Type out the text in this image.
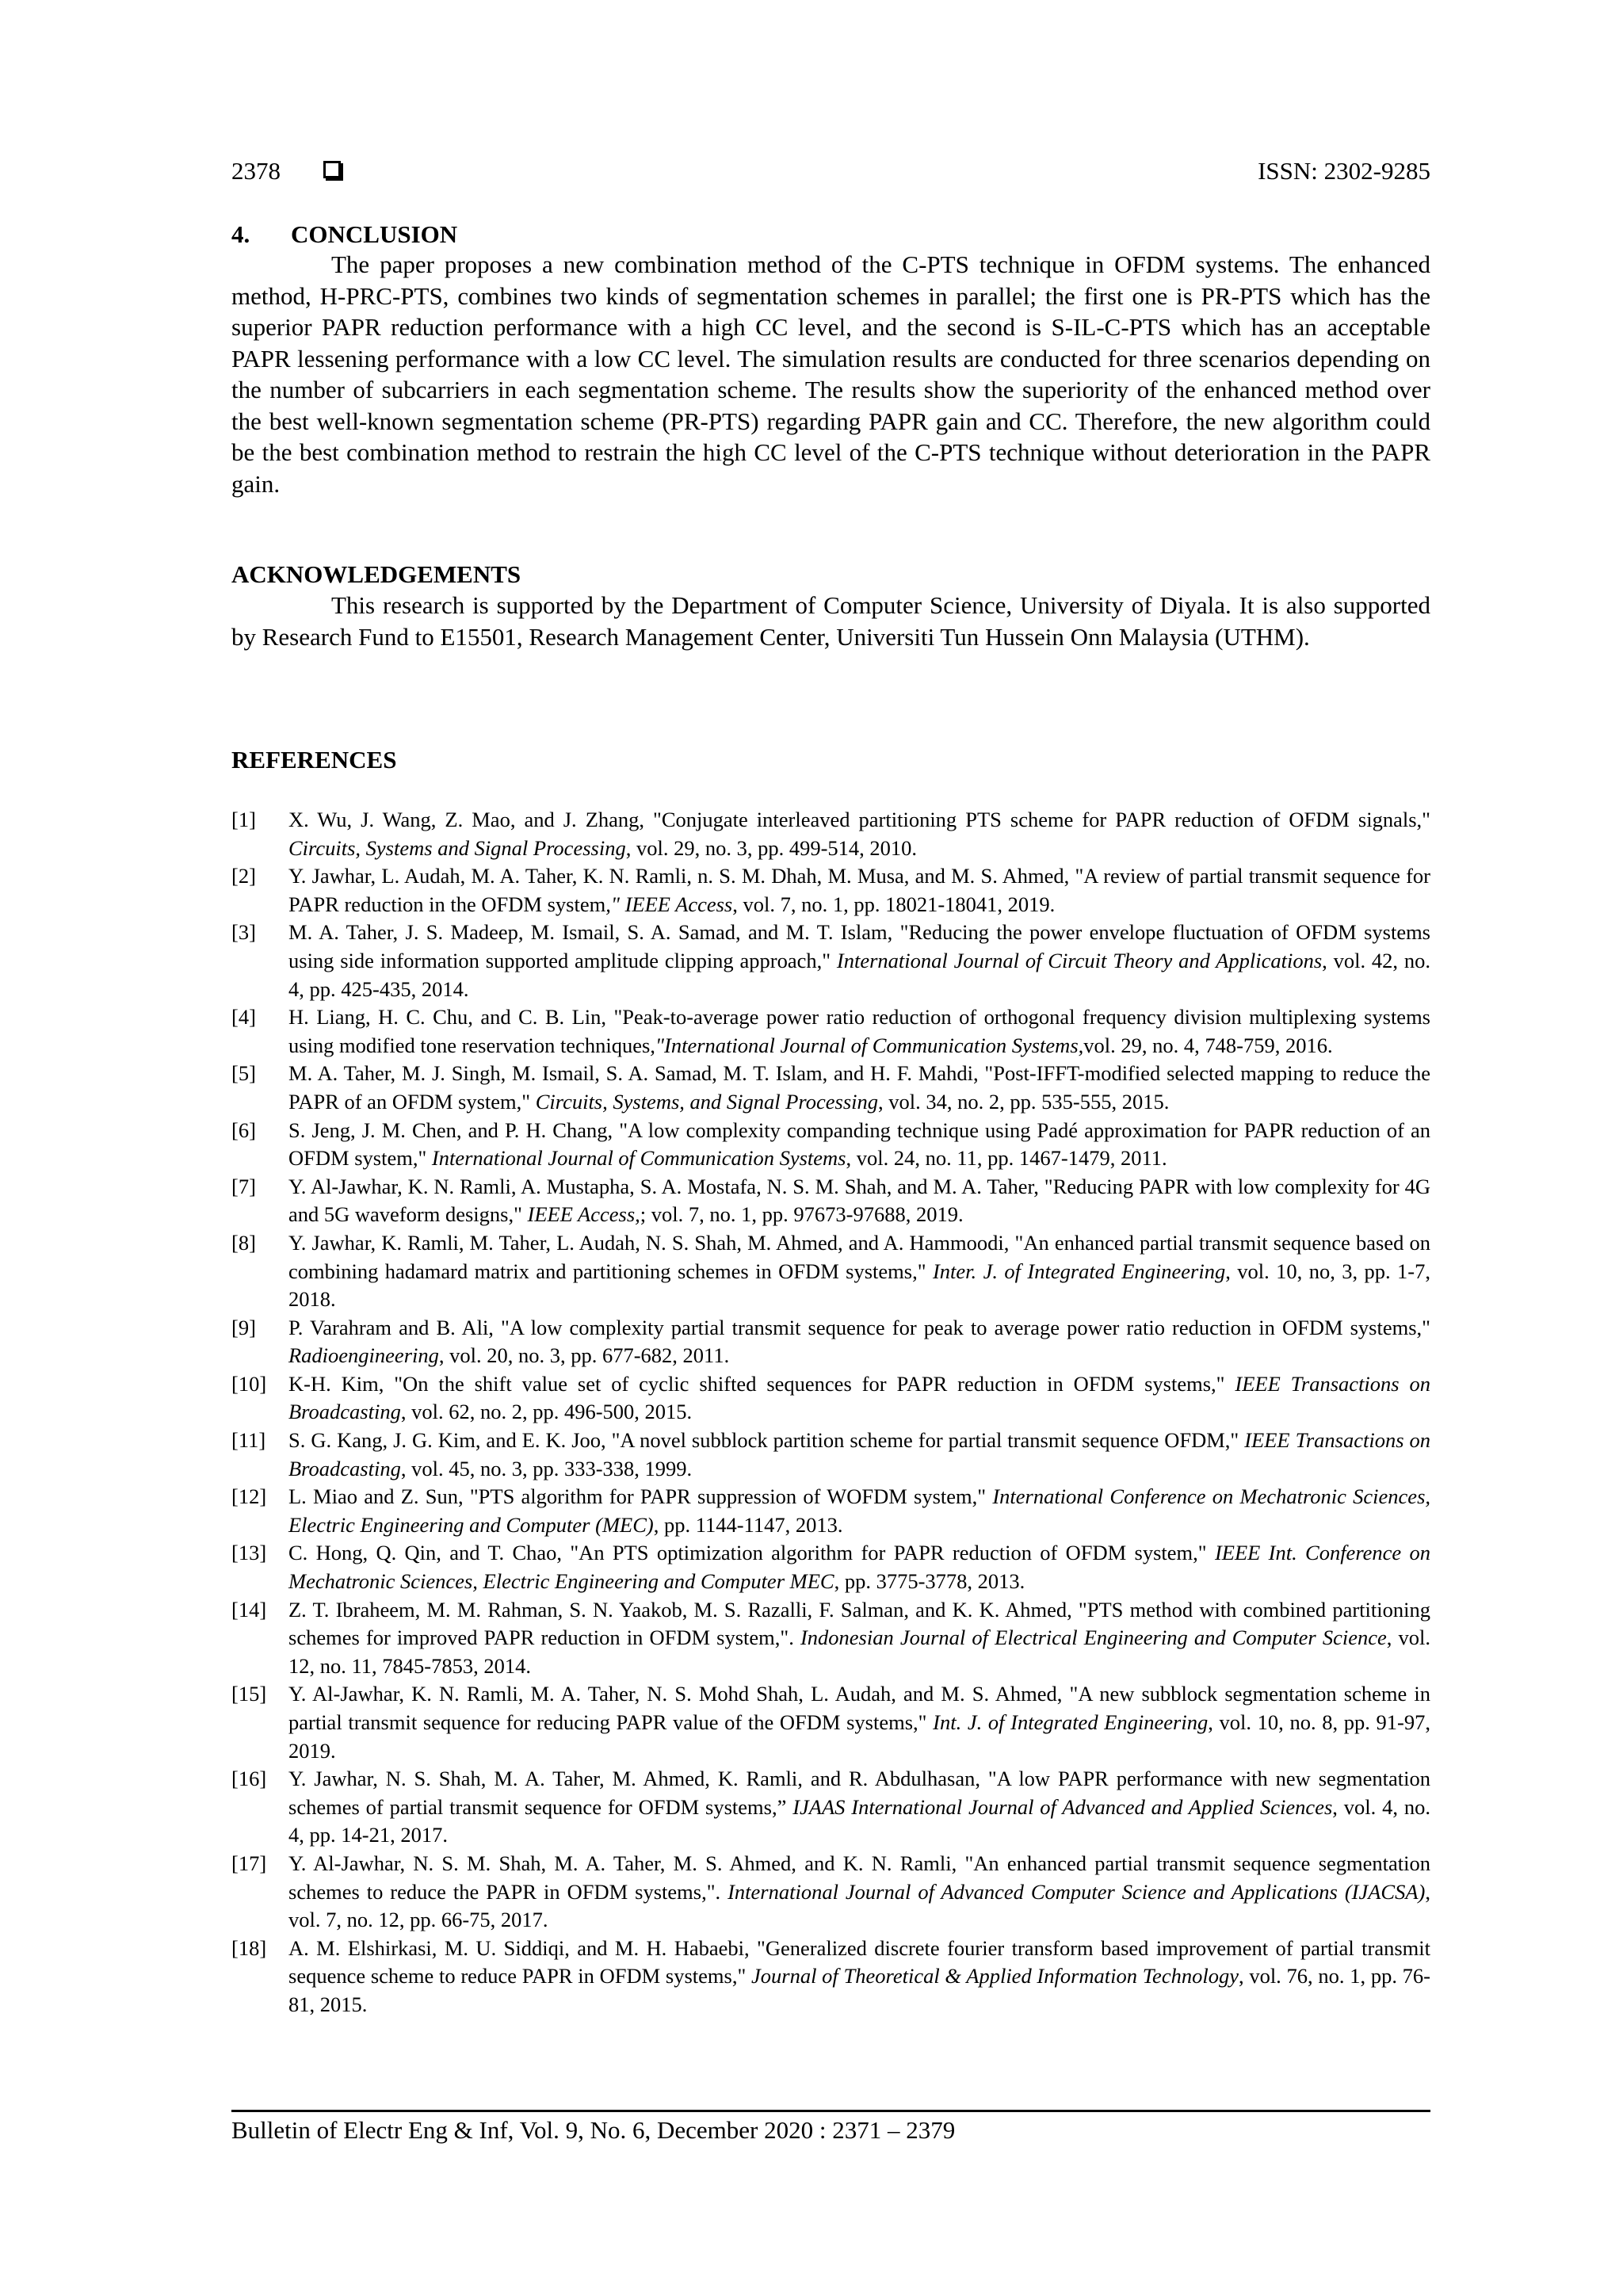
2378	ISSN: 2302-9285
4. CONCLUSION

The paper proposes a new combination method of the C-PTS technique in OFDM systems. The enhanced method, H-PRC-PTS, combines two kinds of segmentation schemes in parallel; the first one is PR-PTS which has the superior PAPR reduction performance with a high CC level, and the second is S-IL-C-PTS which has an acceptable PAPR lessening performance with a low CC level. The simulation results are conducted for three scenarios depending on the number of subcarriers in each segmentation scheme. The results show the superiority of the enhanced method over the best well-known segmentation scheme (PR-PTS) regarding PAPR gain and CC. Therefore, the new algorithm could be the best combination method to restrain the high CC level of the C-PTS technique without deterioration in the PAPR gain.

ACKNOWLEDGEMENTS

This research is supported by the Department of Computer Science, University of Diyala. It is also supported by Research Fund to E15501, Research Management Center, Universiti Tun Hussein Onn Malaysia (UTHM).

REFERENCES
[1] X. Wu, J. Wang, Z. Mao, and J. Zhang, "Conjugate interleaved partitioning PTS scheme for PAPR reduction of OFDM signals," Circuits, Systems and Signal Processing, vol. 29, no. 3, pp. 499-514, 2010.
[2] Y. Jawhar, L. Audah, M. A. Taher, K. N. Ramli, n. S. M. Dhah, M. Musa, and M. S. Ahmed, "A review of partial transmit sequence for PAPR reduction in the OFDM system," IEEE Access, vol. 7, no. 1, pp. 18021-18041, 2019.
[3] M. A. Taher, J. S. Madeep, M. Ismail, S. A. Samad, and M. T. Islam, "Reducing the power envelope fluctuation of OFDM systems using side information supported amplitude clipping approach," International Journal of Circuit Theory and Applications, vol. 42, no. 4, pp. 425-435, 2014.
[4] H. Liang, H. C. Chu, and C. B. Lin, "Peak-to-average power ratio reduction of orthogonal frequency division multiplexing systems using modified tone reservation techniques,"International Journal of Communication Systems,vol. 29, no. 4, 748-759, 2016.
[5] M. A. Taher, M. J. Singh, M. Ismail, S. A. Samad, M. T. Islam, and H. F. Mahdi, "Post-IFFT-modified selected mapping to reduce the PAPR of an OFDM system," Circuits, Systems, and Signal Processing, vol. 34, no. 2, pp. 535-555, 2015.
[6] S. Jeng, J. M. Chen, and P. H. Chang, "A low complexity companding technique using Padé approximation for PAPR reduction of an OFDM system," International Journal of Communication Systems, vol. 24, no. 11, pp. 1467-1479, 2011.
[7] Y. Al-Jawhar, K. N. Ramli, A. Mustapha, S. A. Mostafa, N. S. M. Shah, and M. A. Taher, "Reducing PAPR with low complexity for 4G and 5G waveform designs," IEEE Access,; vol. 7, no. 1, pp. 97673-97688, 2019.
[8] Y. Jawhar, K. Ramli, M. Taher, L. Audah, N. S. Shah, M. Ahmed, and A. Hammoodi, "An enhanced partial transmit sequence based on combining hadamard matrix and partitioning schemes in OFDM systems," Inter. J. of Integrated Engineering, vol. 10, no, 3, pp. 1-7, 2018.
[9] P. Varahram and B. Ali, "A low complexity partial transmit sequence for peak to average power ratio reduction in OFDM systems," Radioengineering, vol. 20, no. 3, pp. 677-682, 2011.
[10] K-H. Kim, "On the shift value set of cyclic shifted sequences for PAPR reduction in OFDM systems," IEEE Transactions on Broadcasting, vol. 62, no. 2, pp. 496-500, 2015.
[11] S. G. Kang, J. G. Kim, and E. K. Joo, "A novel subblock partition scheme for partial transmit sequence OFDM," IEEE Transactions on Broadcasting, vol. 45, no. 3, pp. 333-338, 1999.
[12] L. Miao and Z. Sun, "PTS algorithm for PAPR suppression of WOFDM system," International Conference on Mechatronic Sciences, Electric Engineering and Computer (MEC), pp. 1144-1147, 2013.
[13] C. Hong, Q. Qin, and T. Chao, "An PTS optimization algorithm for PAPR reduction of OFDM system," IEEE Int. Conference on Mechatronic Sciences, Electric Engineering and Computer MEC, pp. 3775-3778, 2013.
[14] Z. T. Ibraheem, M. M. Rahman, S. N. Yaakob, M. S. Razalli, F. Salman, and K. K. Ahmed, "PTS method with combined partitioning schemes for improved PAPR reduction in OFDM system,". Indonesian Journal of Electrical Engineering and Computer Science, vol. 12, no. 11, 7845-7853, 2014.
[15] Y. Al-Jawhar, K. N. Ramli, M. A. Taher, N. S. Mohd Shah, L. Audah, and M. S. Ahmed, "A new subblock segmentation scheme in partial transmit sequence for reducing PAPR value of the OFDM systems," Int. J. of Integrated Engineering, vol. 10, no. 8, pp. 91-97, 2019.
[16] Y. Jawhar, N. S. Shah, M. A. Taher, M. Ahmed, K. Ramli, and R. Abdulhasan, "A low PAPR performance with new segmentation schemes of partial transmit sequence for OFDM systems,” IJAAS International Journal of Advanced and Applied Sciences, vol. 4, no. 4, pp. 14-21, 2017.
[17] Y. Al-Jawhar, N. S. M. Shah, M. A. Taher, M. S. Ahmed, and K. N. Ramli, "An enhanced partial transmit sequence segmentation schemes to reduce the PAPR in OFDM systems,". International Journal of Advanced Computer Science and Applications (IJACSA), vol. 7, no. 12, pp. 66-75, 2017.
[18] A. M. Elshirkasi, M. U. Siddiqi, and M. H. Habaebi, "Generalized discrete fourier transform based improvement of partial transmit sequence scheme to reduce PAPR in OFDM systems," Journal of Theoretical & Applied Information Technology, vol. 76, no. 1, pp. 76-81, 2015.
Bulletin of Electr Eng & Inf, Vol. 9, No. 6, December 2020 : 2371 – 2379
